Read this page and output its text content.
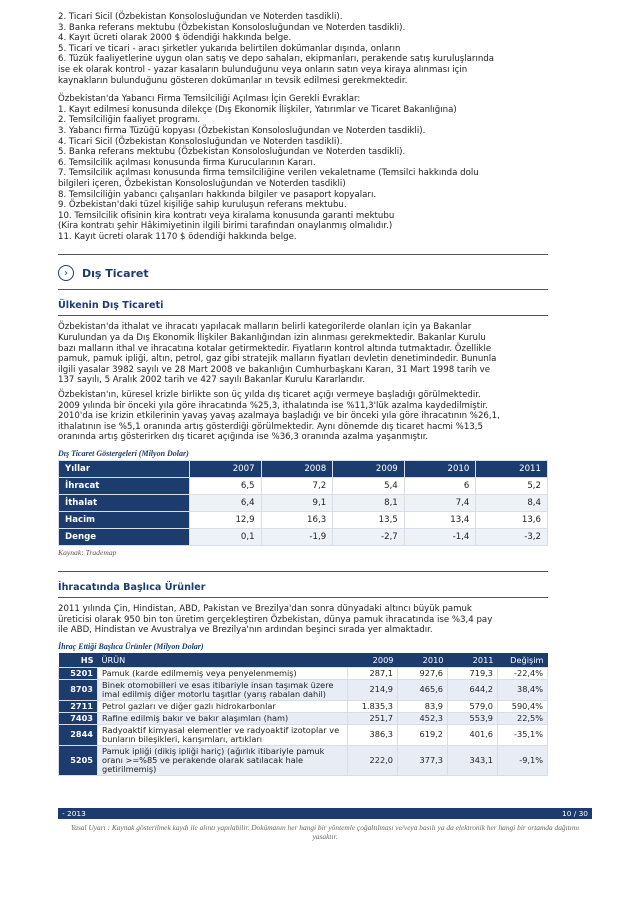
2. Ticari Sicil (Özbekistan Konsolosluğundan ve Noterden tasdikli).

3. Banka referans mektubu (Özbekistan Konsolosluğundan ve Noterden tasdikli).

4. Kayıt ücreti olarak 2000 $ ödendiği hakkında belge.

5. Ticari ve ticari - aracı şirketler yukarıda belirtilen dokümanlar dışında, onların

6. Tüzük faaliyetlerine uygun olan satış ve depo sahaları, ekipmanları, perakende satış kuruluşlarında

ise ek olarak kontrol - yazar kasaların bulunduğunu veya onların satın veya kiraya alınması için

kaynakların bulunduğunu gösteren dokümanlar ın tevsik edilmesi gerekmektedir.

Özbekistan'da Yabancı Firma Temsilciliği Açılması İçin Gerekli Evraklar:

1. Kayıt edilmesi konusunda dilekçe (Dış Ekonomik İlişkiler, Yatırımlar ve Ticaret Bakanlığına)

2. Temsilciliğin faaliyet programı.

3. Yabancı firma Tüzüğü kopyası (Özbekistan Konsolosluğundan ve Noterden tasdikli).

4. Ticari Sicil (Özbekistan Konsolosluğundan ve Noterden tasdikli).

5. Banka referans mektubu (Özbekistan Konsolosluğundan ve Noterden tasdikli).

6. Temsilcilik açılması konusunda firma Kurucularının Kararı.

7. Temsilcilik açılması konusunda firma temsilciliğine verilen vekaletname (Temsilci hakkında dolu

bilgileri içeren, Özbekistan Konsolosluğundan ve Noterden tasdikli)

8. Temsilciliğin yabancı çalışanları hakkında bilgiler ve pasaport kopyaları.

9. Özbekistan'daki tüzel kişiliğe sahip kuruluşun referans mektubu.

10. Temsilcilik ofisinin kira kontratı veya kiralama konusunda garanti mektubu

(Kira kontratı şehir Hâkimiyetinin ilgili birimi tarafından onaylanmış olmalıdır.)

11. Kayıt ücreti olarak 1170 $ ödendiği hakkında belge.

›	Dış Ticaret
Ülkenin Dış Ticareti

Özbekistan'da ithalat ve ihracatı yapılacak malların belirli kategorilerde olanları için ya Bakanlar
Kurulundan ya da Dış Ekonomik İlişkiler Bakanlığından izin alınması gerekmektedir. Bakanlar Kurulu
bazı malların ithal ve ihracatına kotalar getirmektedir. Fiyatların kontrol altında tutmaktadır. Özellikle
pamuk, pamuk ipliği, altın, petrol, gaz gibi stratejik malların fiyatları devletin denetimindedir. Bununla
ilgili yasalar 3982 sayılı ve 28 Mart 2008 ve bakanlığın Cumhurbaşkanı Kararı, 31 Mart 1998 tarih ve
137 sayılı, 5 Aralık 2002 tarih ve 427 sayılı Bakanlar Kurulu Kararlarıdır.

Özbekistan'ın, küresel krizle birlikte son üç yılda dış ticaret açığı vermeye başladığı görülmektedir.
2009 yılında bir önceki yıla göre ihracatında %25,3, ithalatında ise %11,3'lük azalma kaydedilmiştir.
2010'da ise krizin etkilerinin yavaş yavaş azalmaya başladığı ve bir önceki yıla göre ihracatının %26,1,
ithalatının ise %5,1 oranında artış gösterdiği görülmektedir. Aynı dönemde dış ticaret hacmi %13,5
oranında artış gösterirken dış ticaret açığında ise %36,3 oranında azalma yaşanmıştır.

Dış Ticaret Göstergeleri (Milyon Dolar)
Yıllar	2007	2008	2009	2010	2011
İhracat	6,5	7,2	5,4	6	5,2
İthalat	6,4	9,1	8,1	7,4	8,4
Hacim	12,9	16,3	13,5	13,4	13,6
Denge	0,1	-1,9	-2,7	-1,4	-3,2
Kaynak: Trademap
İhracatında Başlıca Ürünler

2011 yılında Çin, Hindistan, ABD, Pakistan ve Brezilya'dan sonra dünyadaki altıncı büyük pamuk
üreticisi olarak 950 bin ton üretim gerçekleştiren Özbekistan, dünya pamuk ihracatında ise %3,4 pay
ile ABD, Hindistan ve Avustralya ve Brezilya'nın ardından beşinci sırada yer almaktadır.

İhraç Ettiği Başlıca Ürünler (Milyon Dolar)
HS	ÜRÜN	2009	2010	2011	Değişim
5201	Pamuk (karde edilmemiş veya penyelenmemiş)	287,1	927,6	719,3	-22,4%
8703	Binek otomobilleri ve esas itibariyle insan taşımak üzere imal edilmiş diğer motorlu taşıtlar (yarış rabalan dahil)	214,9	465,6	644,2	38,4%
2711	Petrol gazları ve diğer gazlı hidrokarbonlar	1.835,3	83,9	579,0	590,4%
7403	Rafine edilmiş bakır ve bakır alaşımları (ham)	251,7	452,3	553,9	22,5%
2844	Radyoaktif kimyasal elementler ve radyoaktif izotoplar ve bunların bileşikleri, karışımları, artıkları	386,3	619,2	401,6	-35,1%
5205	Pamuk ipliği (dikiş ipliği hariç) (ağırlık itibariyle pamuk oranı >=%85 ve perakende olarak satılacak hale getirilmemiş)	222,0	377,3	343,1	-9,1%
- 2013	10 / 30
Yasal Uyarı : Kaynak gösterilmek kaydı ile alıntı yapılabilir. Dokümanın her hangi bir yöntemle çoğaltılması ve/veya basılı ya da elektronik her hangi bir ortamda dağıtımı yasaktır.
